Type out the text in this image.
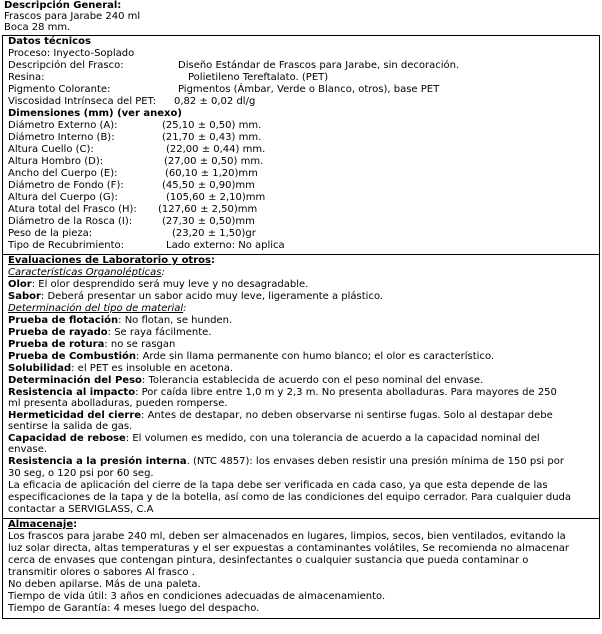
Descripción General:
Frascos para Jarabe 240 ml
Boca 28 mm.
Datos técnicos
Proceso: Inyecto-Soplado
Descripción del Frasco:	Diseño Estándar de Frascos para Jarabe, sin decoración.
Resina:	Polietileno Tereftalato. (PET)
Pigmento Colorante:	Pigmentos (Ámbar, Verde o Blanco, otros), base PET
Viscosidad Intrínseca del PET: 0,82 ± 0,02 dl/g
Dimensiones (mm) (ver anexo)
Diámetro Externo (A):	(25,10 ± 0,50) mm.
Diámetro Interno (B):	(21,70 ± 0,43) mm.
Altura Cuello (C):	(22,00 ± 0,44) mm.
Altura Hombro (D):	(27,00 ± 0,50) mm.
Ancho del Cuerpo (E):	(60,10 ± 1,20)mm
Diámetro de Fondo (F):	(45,50 ± 0,90)mm
Altura del Cuerpo (G):	(105,60 ± 2,10)mm
Atura total del Frasco (H): (127,60 ± 2,50)mm
Diámetro de la Rosca (I):	(27,30 ± 0,50)mm
Peso de la pieza:	(23,20 ± 1,50)gr
Tipo de Recubrimiento:	Lado externo: No aplica
Evaluaciones de Laboratorio y otros:
Características Organolépticas:
Olor: El olor desprendido será muy leve y no desagradable.
Sabor: Deberá presentar un sabor acido muy leve, ligeramente a plástico.
Determinación del tipo de material:
Prueba de flotación: No flotan, se hunden.
Prueba de rayado: Se raya fácilmente.
Prueba de rotura: no se rasgan
Prueba de Combustión: Arde sin llama permanente con humo blanco; el olor es característico.
Solubilidad: el PET es insoluble en acetona.
Determinación del Peso: Tolerancia establecida de acuerdo con el peso nominal del envase.
Resistencia al impacto: Por caída libre entre 1,0 m y 2,3 m. No presenta abolladuras. Para mayores de 250
ml presenta abolladuras, pueden romperse.
Hermeticidad del cierre: Antes de destapar, no deben observarse ni sentirse fugas. Solo al destapar debe
sentirse la salida de gas.
Capacidad de rebose: El volumen es medido, con una tolerancia de acuerdo a la capacidad nominal del
envase.
Resistencia a la presión interna. (NTC 4857): los envases deben resistir una presión mínima de 150 psi por
30 seg, o 120 psi por 60 seg.
La eficacia de aplicación del cierre de la tapa debe ser verificada en cada caso, ya que esta depende de las
especificaciones de la tapa y de la botella, así como de las condiciones del equipo cerrador. Para cualquier duda
contactar a SERVIGLASS, C.A
Almacenaje:
Los frascos para jarabe 240 ml, deben ser almacenados en lugares, limpios, secos, bien ventilados, evitando la
luz solar directa, altas temperaturas y el ser expuestas a contaminantes volátiles, Se recomienda no almacenar
cerca de envases que contengan pintura, desinfectantes o cualquier sustancia que pueda contaminar o
transmitir olores o sabores Al frasco .
No deben apilarse. Más de una paleta.
Tiempo de vida útil: 3 años en condiciones adecuadas de almacenamiento.
Tiempo de Garantía: 4 meses luego del despacho.
